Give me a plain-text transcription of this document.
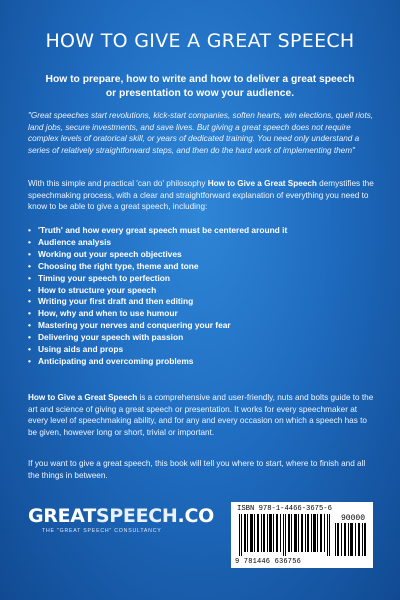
HOW TO GIVE A GREAT SPEECH
How to prepare, how to write and how to deliver a great speech or presentation to wow your audience.
"Great speeches start revolutions, kick-start companies, soften hearts, win elections, quell riots, land jobs, secure investments, and save lives. But giving a great speech does not require complex levels of oratorical skill, or years of dedicated training. You need only understand a series of relatively straightforward steps, and then do the hard work of implementing them"
With this simple and practical 'can do' philosophy How to Give a Great Speech demystifies the speechmaking process, with a clear and straightforward explanation of everything you need to know to be able to give a great speech, including:
• 'Truth' and how every great speech must be centered around it
• Audience analysis
• Working out your speech objectives
• Choosing the right type, theme and tone
• Timing your speech to perfection
• How to structure your speech
• Writing your first draft and then editing
• How, why and when to use humour
• Mastering your nerves and conquering your fear
• Delivering your speech with passion
• Using aids and props
• Anticipating and overcoming problems
How to Give a Great Speech is a comprehensive and user-friendly, nuts and bolts guide to the art and science of giving a great speech or presentation. It works for every speechmaker at every level of speechmaking ability, and for any and every occasion on which a speech has to be given, however long or short, trivial or important.
If you want to give a great speech, this book will tell you where to start, where to finish and all the things in between.
GREATSPEECH.CO
THE "GREAT SPEECH" CONSULTANCY
ISBN 978-1-4466-3675-6
90000
9 781446 636756
